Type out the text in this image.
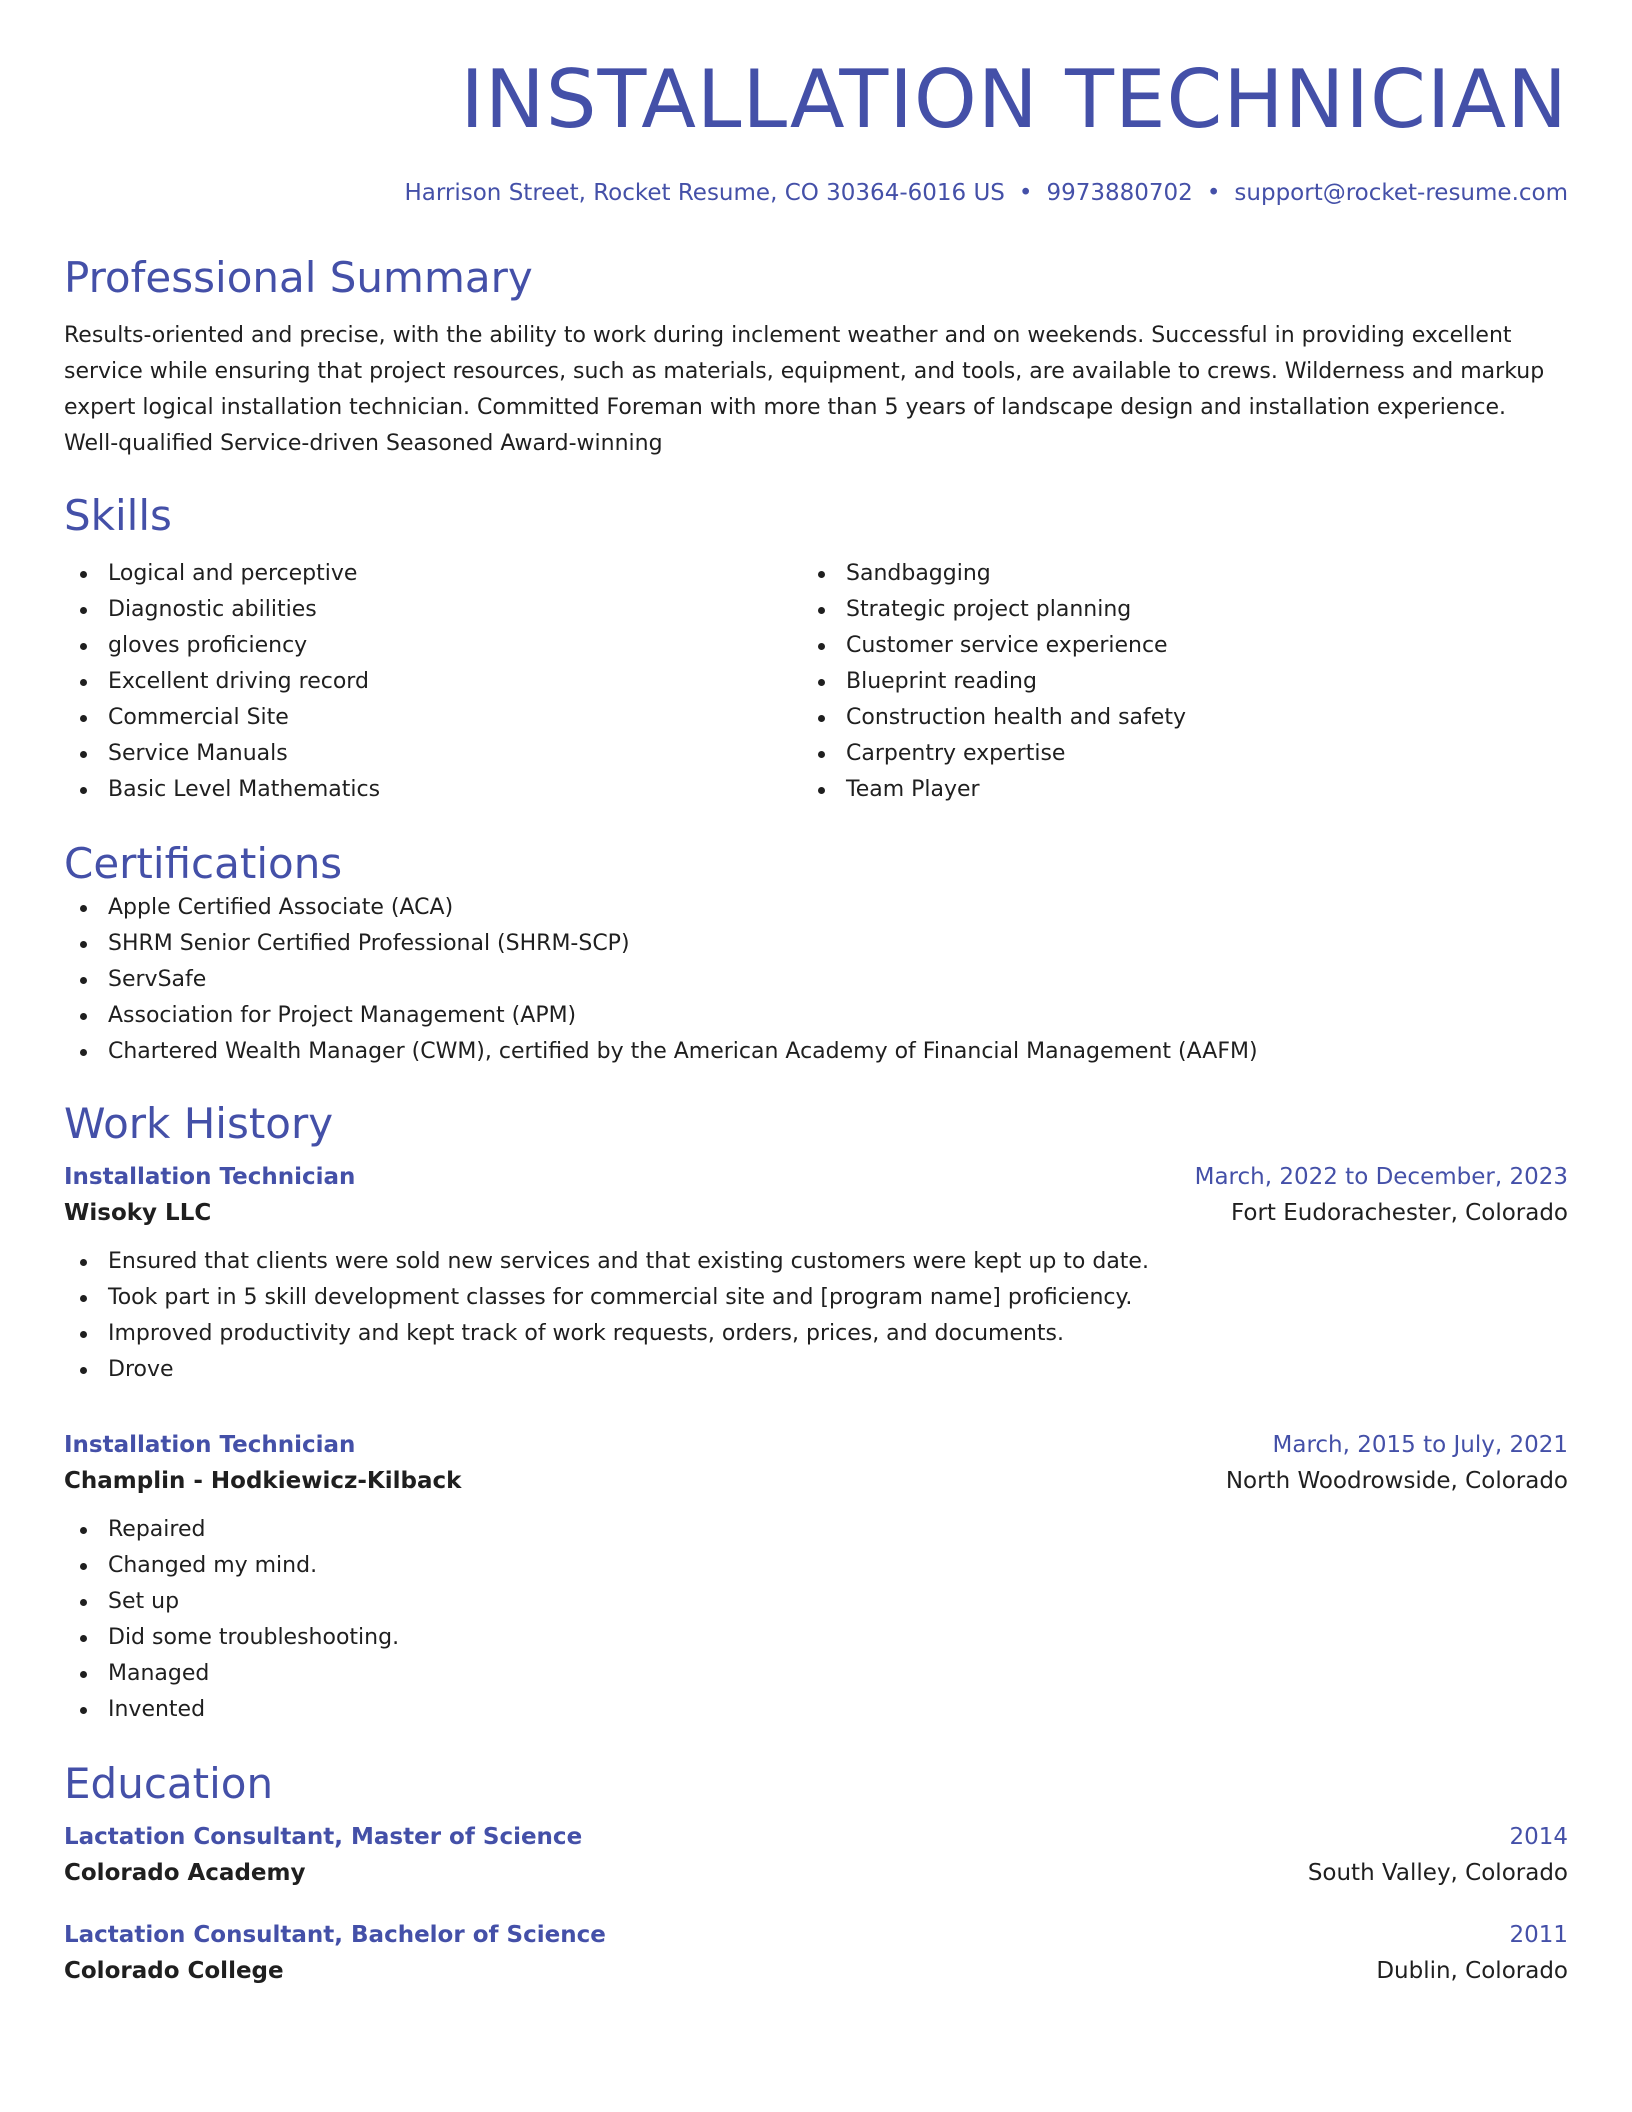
INSTALLATION TECHNICIAN
Harrison Street, Rocket Resume, CO 30364-6016 US • 9973880702 • support@rocket-resume.com
Professional Summary
Results-oriented and precise, with the ability to work during inclement weather and on weekends. Successful in providing excellent service while ensuring that project resources, such as materials, equipment, and tools, are available to crews. Wilderness and markup expert logical installation technician. Committed Foreman with more than 5 years of landscape design and installation experience. Well-qualified Service-driven Seasoned Award-winning
Skills
Logical and perceptive
Diagnostic abilities
gloves proficiency
Excellent driving record
Commercial Site
Service Manuals
Basic Level Mathematics
Sandbagging
Strategic project planning
Customer service experience
Blueprint reading
Construction health and safety
Carpentry expertise
Team Player
Certifications
Apple Certified Associate (ACA)
SHRM Senior Certified Professional (SHRM-SCP)
ServSafe
Association for Project Management (APM)
Chartered Wealth Manager (CWM), certified by the American Academy of Financial Management (AAFM)
Work History
Installation Technician	March, 2022 to December, 2023
Wisoky LLC	Fort Eudorachester, Colorado
Ensured that clients were sold new services and that existing customers were kept up to date.
Took part in 5 skill development classes for commercial site and [program name] proficiency.
Improved productivity and kept track of work requests, orders, prices, and documents.
Drove
Installation Technician	March, 2015 to July, 2021
Champlin - Hodkiewicz-Kilback	North Woodrowside, Colorado
Repaired
Changed my mind.
Set up
Did some troubleshooting.
Managed
Invented
Education
Lactation Consultant, Master of Science	2014
Colorado Academy	South Valley, Colorado
Lactation Consultant, Bachelor of Science	2011
Colorado College	Dublin, Colorado
